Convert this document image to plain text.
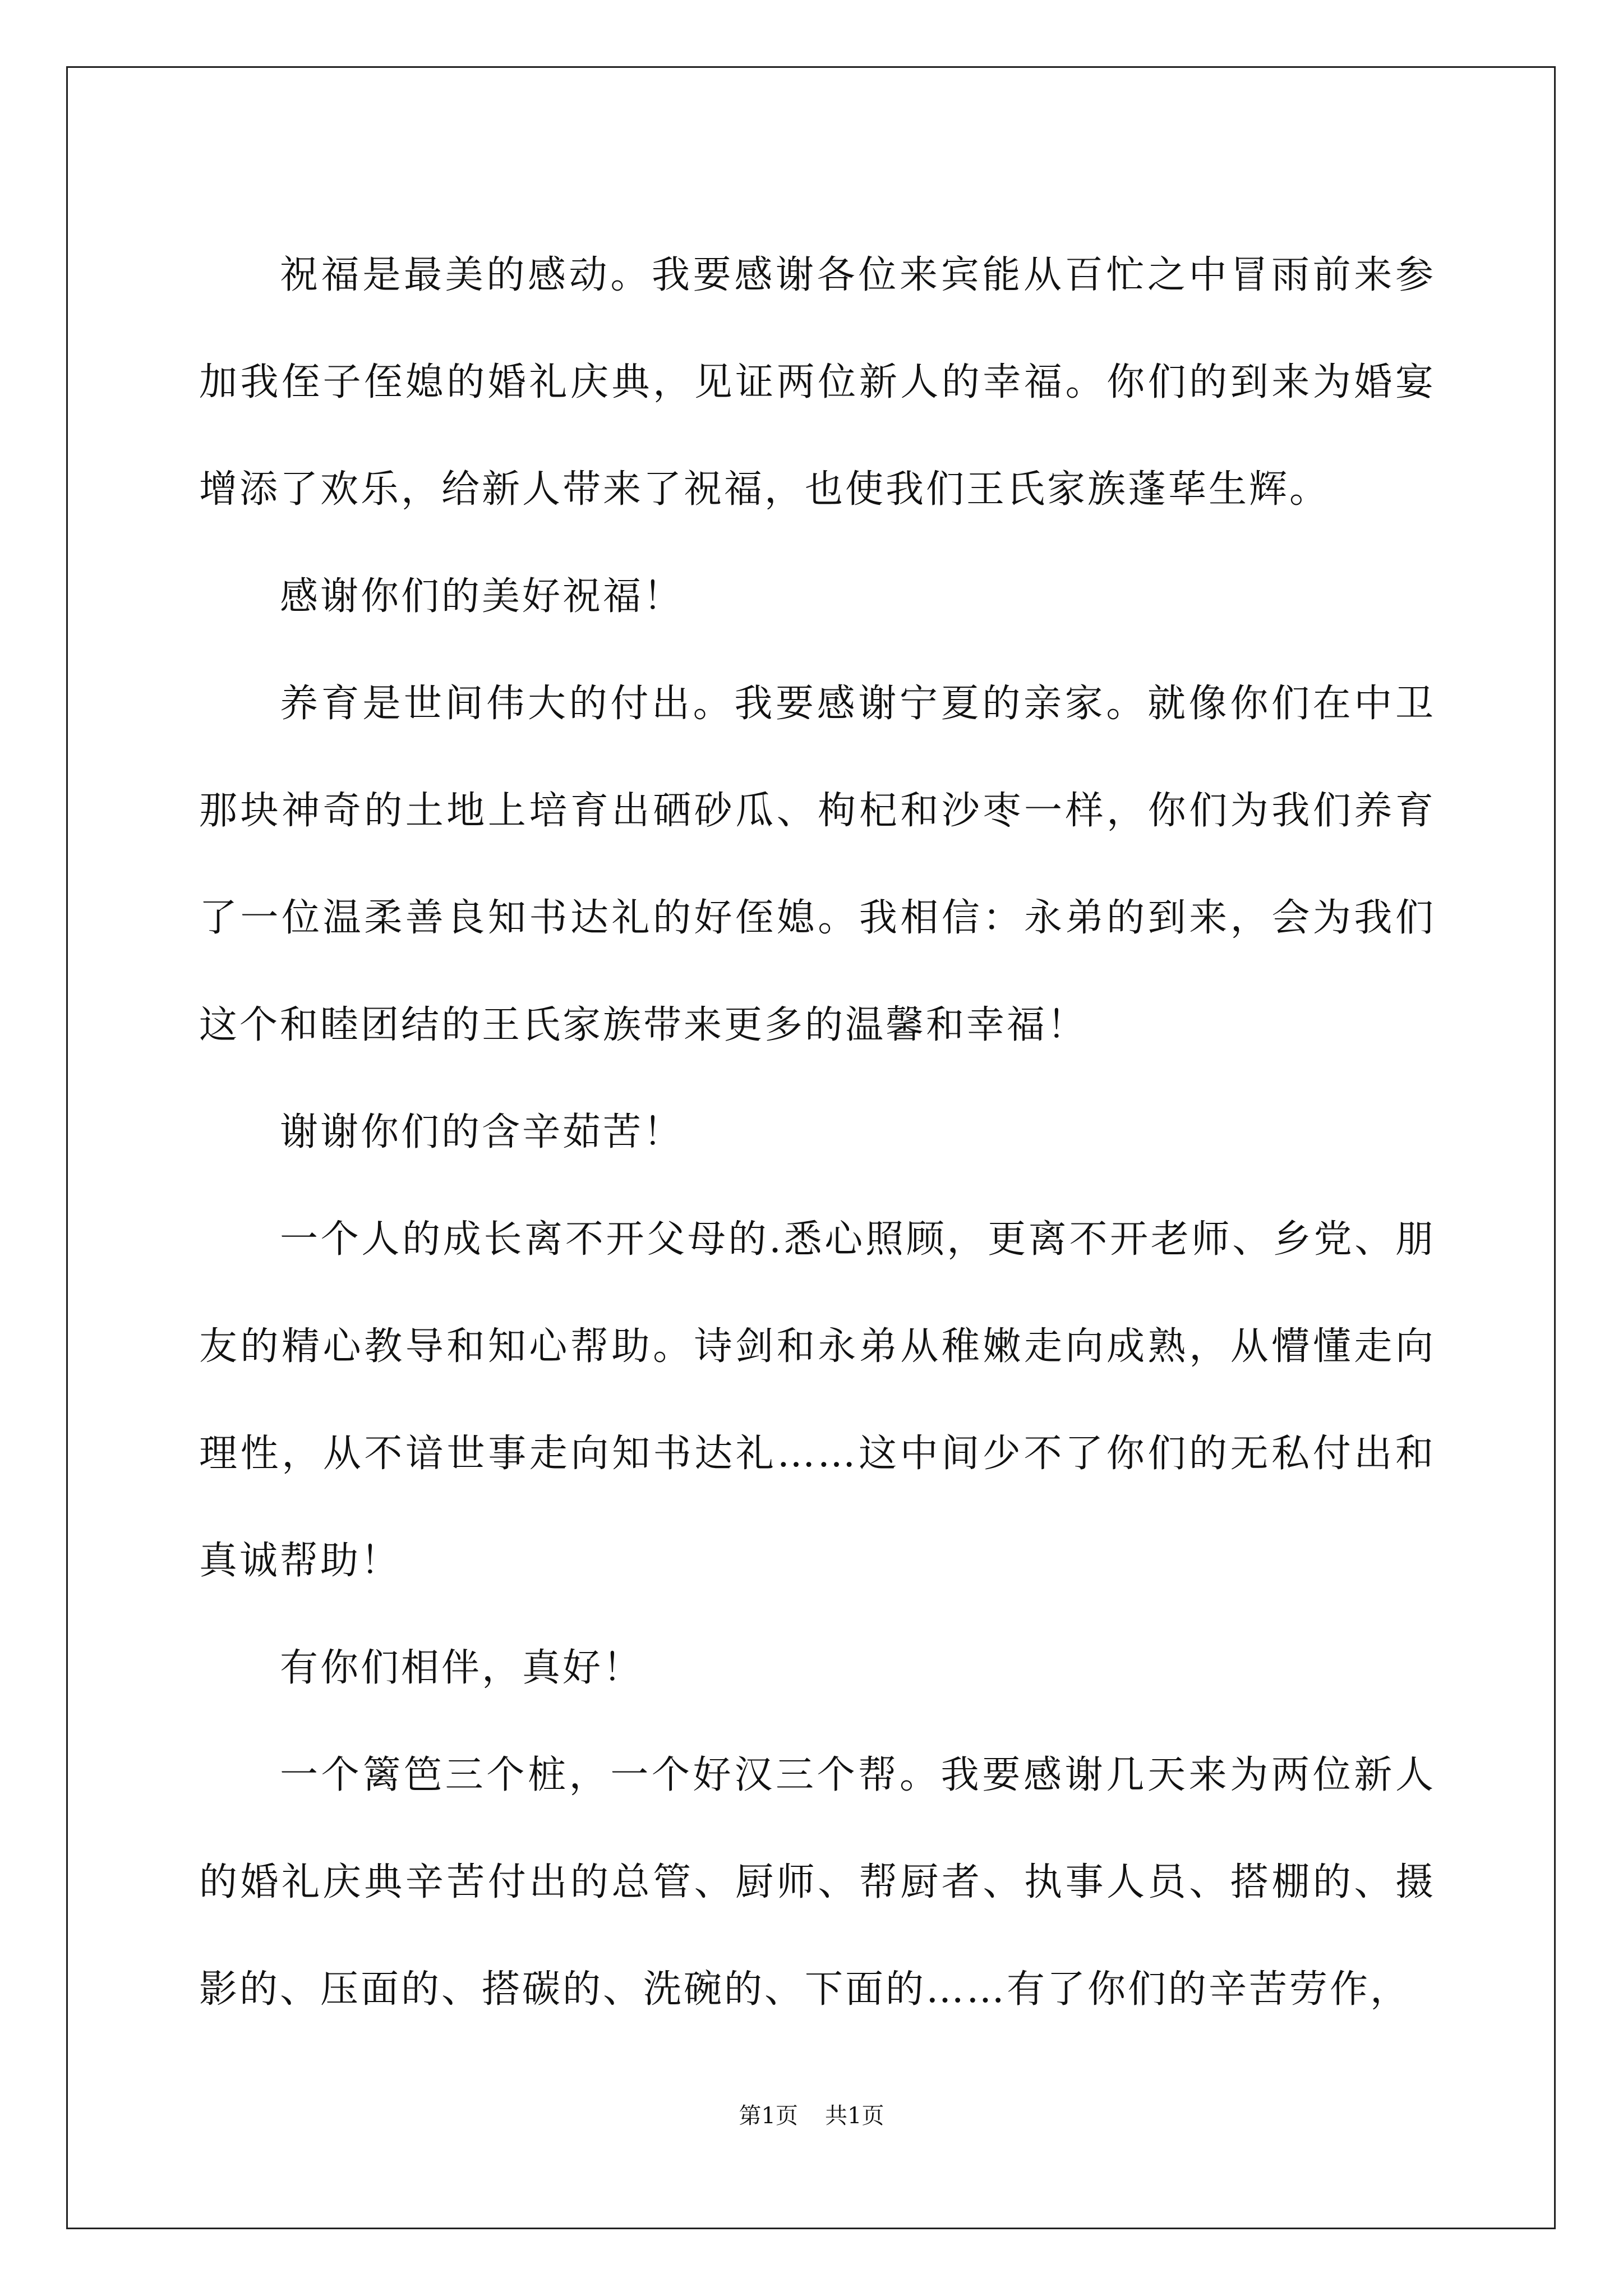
祝福是最美的感动。我要感谢各位来宾能从百忙之中冒雨前来参加我侄子侄媳的婚礼庆典，见证两位新人的幸福。你们的到来为婚宴增添了欢乐，给新人带来了祝福，也使我们王氏家族蓬荜生辉。

感谢你们的美好祝福！

养育是世间伟大的付出。我要感谢宁夏的亲家。就像你们在中卫那块神奇的土地上培育出硒砂瓜、枸杞和沙枣一样，你们为我们养育了一位温柔善良知书达礼的好侄媳。我相信：永弟的到来，会为我们这个和睦团结的王氏家族带来更多的温馨和幸福！

谢谢你们的含辛茹苦！

一个人的成长离不开父母的.悉心照顾，更离不开老师、乡党、朋友的精心教导和知心帮助。诗剑和永弟从稚嫩走向成熟，从懵懂走向理性，从不谙世事走向知书达礼……这中间少不了你们的无私付出和真诚帮助！

有你们相伴，真好！

一个篱笆三个桩，一个好汉三个帮。我要感谢几天来为两位新人的婚礼庆典辛苦付出的总管、厨师、帮厨者、执事人员、搭棚的、摄影的、压面的、搭碳的、洗碗的、下面的……有了你们的辛苦劳作，

第1页 共1页
